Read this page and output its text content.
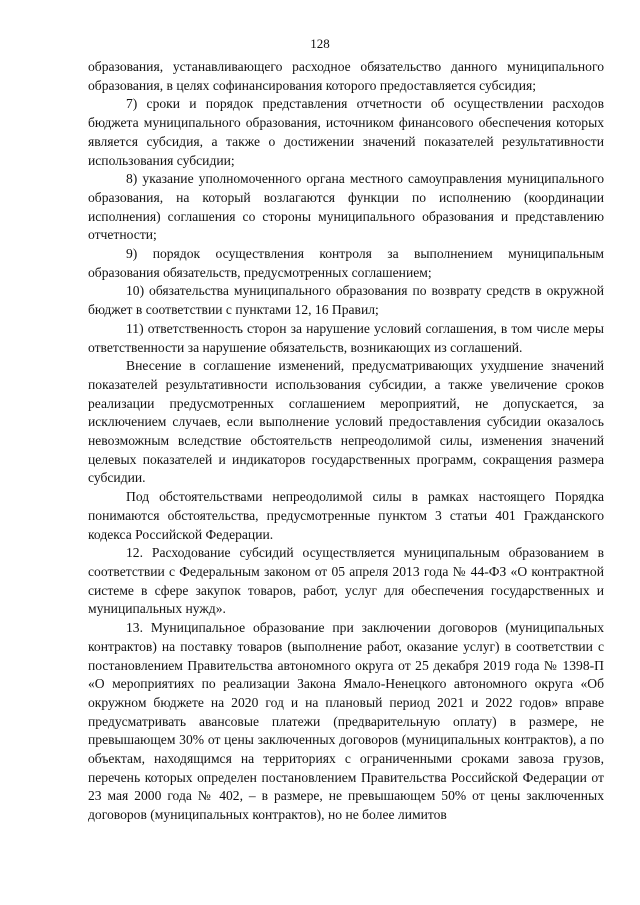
128

образования, устанавливающего расходное обязательство данного муниципального образования, в целях софинансирования которого предоставляется субсидия;

7) сроки и порядок представления отчетности об осуществлении расходов бюджета муниципального образования, источником финансового обеспечения которых является субсидия, а также о достижении значений показателей результативности использования субсидии;

8) указание уполномоченного органа местного самоуправления муниципального образования, на который возлагаются функции по исполнению (координации исполнения) соглашения со стороны муниципального образования и представлению отчетности;

9) порядок осуществления контроля за выполнением муниципальным образования обязательств, предусмотренных соглашением;

10) обязательства муниципального образования по возврату средств в окружной бюджет в соответствии с пунктами 12, 16 Правил;

11) ответственность сторон за нарушение условий соглашения, в том числе меры ответственности за нарушение обязательств, возникающих из соглашений.

Внесение в соглашение изменений, предусматривающих ухудшение значений показателей результативности использования субсидии, а также увеличение сроков реализации предусмотренных соглашением мероприятий, не допускается, за исключением случаев, если выполнение условий предоставления субсидии оказалось невозможным вследствие обстоятельств непреодолимой силы, изменения значений целевых показателей и индикаторов государственных программ, сокращения размера субсидии.

Под обстоятельствами непреодолимой силы в рамках настоящего Порядка понимаются обстоятельства, предусмотренные пунктом 3 статьи 401 Гражданского кодекса Российской Федерации.

12. Расходование субсидий осуществляется муниципальным образованием в соответствии с Федеральным законом от 05 апреля 2013 года № 44-ФЗ «О контрактной системе в сфере закупок товаров, работ, услуг для обеспечения государственных и муниципальных нужд».

13. Муниципальное образование при заключении договоров (муниципальных контрактов) на поставку товаров (выполнение работ, оказание услуг) в соответствии с постановлением Правительства автономного округа от 25 декабря 2019 года № 1398-П «О мероприятиях по реализации Закона Ямало-Ненецкого автономного округа «Об окружном бюджете на 2020 год и на плановый период 2021 и 2022 годов» вправе предусматривать авансовые платежи (предварительную оплату) в размере, не превышающем 30% от цены заключенных договоров (муниципальных контрактов), а по объектам, находящимся на территориях с ограниченными сроками завоза грузов, перечень которых определен постановлением Правительства Российской Федерации от 23 мая 2000 года № 402, – в размере, не превышающем 50% от цены заключенных договоров (муниципальных контрактов), но не более лимитов
